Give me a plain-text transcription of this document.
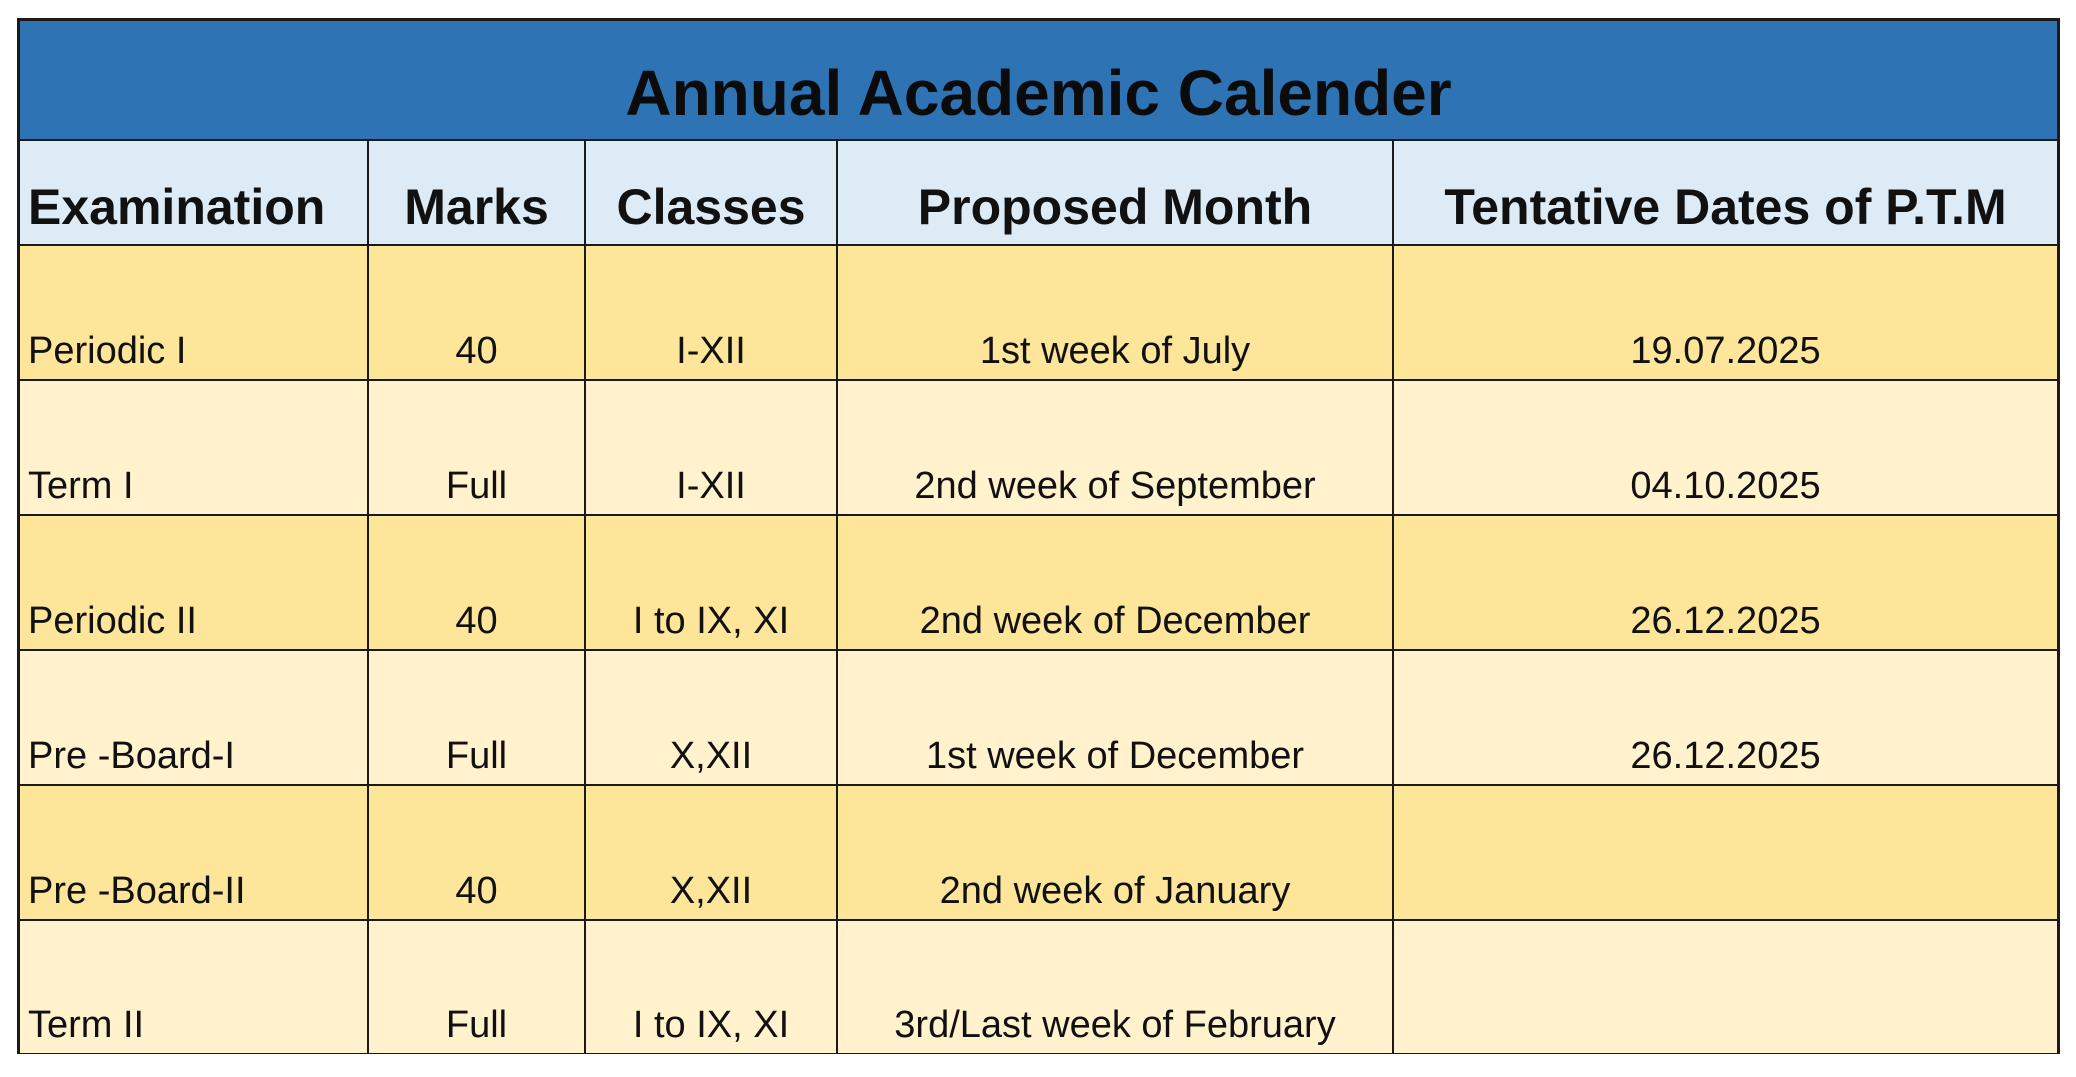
Annual Academic Calender
Examination	Marks	Classes	Proposed Month	Tentative Dates of P.T.M
Periodic I	40	I-XII	1st week of July	19.07.2025
Term I	Full	I-XII	2nd week of September	04.10.2025
Periodic II	40	I to IX, XI	2nd week of December	26.12.2025
Pre -Board-I	Full	X,XII	1st week of December	26.12.2025
Pre -Board-II	40	X,XII	2nd week of January	
Term II	Full	I to IX, XI	3rd/Last week of February	
